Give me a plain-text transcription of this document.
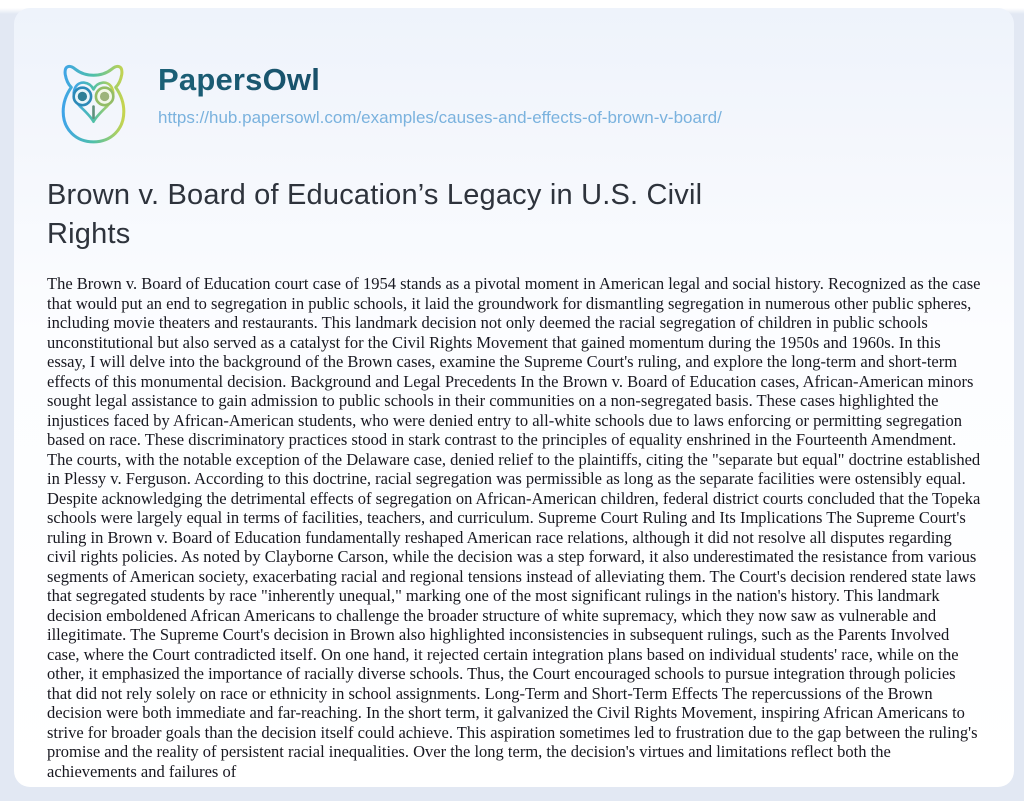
PapersOwl
https://hub.papersowl.com/examples/causes-and-effects-of-brown-v-board/
Brown v. Board of Education’s Legacy in U.S. Civil Rights

The Brown v. Board of Education court case of 1954 stands as a pivotal moment in American legal and social history. Recognized as the case that would put an end to segregation in public schools, it laid the groundwork for dismantling segregation in numerous other public spheres, including movie theaters and restaurants. This landmark decision not only deemed the racial segregation of children in public schools unconstitutional but also served as a catalyst for the Civil Rights Movement that gained momentum during the 1950s and 1960s. In this essay, I will delve into the background of the Brown cases, examine the Supreme Court's ruling, and explore the long-term and short-term effects of this monumental decision. Background and Legal Precedents In the Brown v. Board of Education cases, African-American minors sought legal assistance to gain admission to public schools in their communities on a non-segregated basis. These cases highlighted the injustices faced by African-American students, who were denied entry to all-white schools due to laws enforcing or permitting segregation based on race. These discriminatory practices stood in stark contrast to the principles of equality enshrined in the Fourteenth Amendment. The courts, with the notable exception of the Delaware case, denied relief to the plaintiffs, citing the "separate but equal" doctrine established in Plessy v. Ferguson. According to this doctrine, racial segregation was permissible as long as the separate facilities were ostensibly equal. Despite acknowledging the detrimental effects of segregation on African-American children, federal district courts concluded that the Topeka schools were largely equal in terms of facilities, teachers, and curriculum. Supreme Court Ruling and Its Implications The Supreme Court's ruling in Brown v. Board of Education fundamentally reshaped American race relations, although it did not resolve all disputes regarding civil rights policies. As noted by Clayborne Carson, while the decision was a step forward, it also underestimated the resistance from various segments of American society, exacerbating racial and regional tensions instead of alleviating them. The Court's decision rendered state laws that segregated students by race "inherently unequal," marking one of the most significant rulings in the nation's history. This landmark decision emboldened African Americans to challenge the broader structure of white supremacy, which they now saw as vulnerable and illegitimate. The Supreme Court's decision in Brown also highlighted inconsistencies in subsequent rulings, such as the Parents Involved case, where the Court contradicted itself. On one hand, it rejected certain integration plans based on individual students' race, while on the other, it emphasized the importance of racially diverse schools. Thus, the Court encouraged schools to pursue integration through policies that did not rely solely on race or ethnicity in school assignments. Long-Term and Short-Term Effects The repercussions of the Brown decision were both immediate and far-reaching. In the short term, it galvanized the Civil Rights Movement, inspiring African Americans to strive for broader goals than the decision itself could achieve. This aspiration sometimes led to frustration due to the gap between the ruling's promise and the reality of persistent racial inequalities. Over the long term, the decision's virtues and limitations reflect both the achievements and failures of
